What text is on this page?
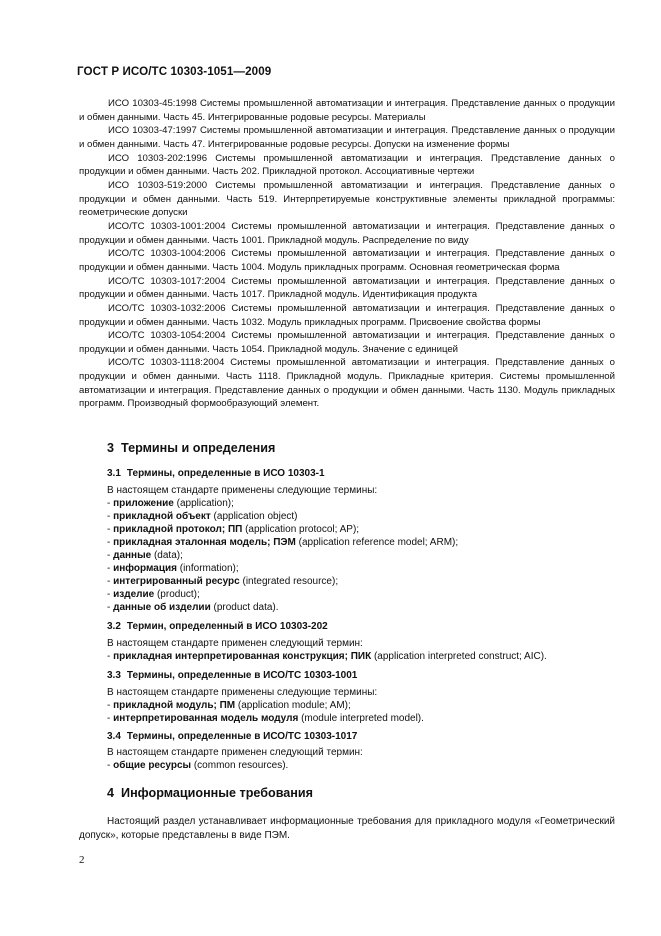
ГОСТ Р ИСО/ТС 10303-1051—2009

ИСО 10303-45:1998 Системы промышленной автоматизации и интеграция. Представление данных о продукции и обмен данными. Часть 45. Интегрированные родовые ресурсы. Материалы

ИСО 10303-47:1997 Системы промышленной автоматизации и интеграция. Представление данных о продукции и обмен данными. Часть 47. Интегрированные родовые ресурсы. Допуски на изменение формы

ИСО 10303-202:1996 Системы промышленной автоматизации и интеграция. Представление данных о продукции и обмен данными. Часть 202. Прикладной протокол. Ассоциативные чертежи

ИСО 10303-519:2000 Системы промышленной автоматизации и интеграция. Представление данных о продукции и обмен данными. Часть 519. Интерпретируемые конструктивные элементы прикладной программы: геометрические допуски

ИСО/ТС 10303-1001:2004 Системы промышленной автоматизации и интеграция. Представление данных о продукции и обмен данными. Часть 1001. Прикладной модуль. Распределение по виду

ИСО/ТС 10303-1004:2006 Системы промышленной автоматизации и интеграция. Представление данных о продукции и обмен данными. Часть 1004. Модуль прикладных программ. Основная геометрическая форма

ИСО/ТС 10303-1017:2004 Системы промышленной автоматизации и интеграция. Представление данных о продукции и обмен данными. Часть 1017. Прикладной модуль. Идентификация продукта

ИСО/ТС 10303-1032:2006 Системы промышленной автоматизации и интеграция. Представление данных о продукции и обмен данными. Часть 1032. Модуль прикладных программ. Присвоение свойства формы

ИСО/ТС 10303-1054:2004 Системы промышленной автоматизации и интеграция. Представление данных о продукции и обмен данными. Часть 1054. Прикладной модуль. Значение с единицей

ИСО/ТС 10303-1118:2004 Системы промышленной автоматизации и интеграция. Представление данных о продукции и обмен данными. Часть 1118. Прикладной модуль. Прикладные критерия. Системы промышленной автоматизации и интеграция. Представление данных о продукции и обмен данными. Часть 1130. Модуль прикладных программ. Производный формообразующий элемент.

3 Термины и определения
3.1 Термины, определенные в ИСО 10303-1
В настоящем стандарте применены следующие термины:
- приложение (application);
- прикладной объект (application object)
- прикладной протокол; ПП (application protocol; AP);
- прикладная эталонная модель; ПЭМ (application reference model; ARM);
- данные (data);
- информация (information);
- интегрированный ресурс (integrated resource);
- изделие (product);
- данные об изделии (product data).
3.2 Термин, определенный в ИСО 10303-202
В настоящем стандарте применен следующий термин:
- прикладная интерпретированная конструкция; ПИК (application interpreted construct; AIC).
3.3 Термины, определенные в ИСО/ТС 10303-1001
В настоящем стандарте применены следующие термины:
- прикладной модуль; ПМ (application module; AM);
- интерпретированная модель модуля (module interpreted model).
3.4 Термины, определенные в ИСО/ТС 10303-1017
В настоящем стандарте применен следующий термин:
- общие ресурсы (common resources).
4 Информационные требования

Настоящий раздел устанавливает информационные требования для прикладного модуля «Геометрический допуск», которые представлены в виде ПЭМ.

2
